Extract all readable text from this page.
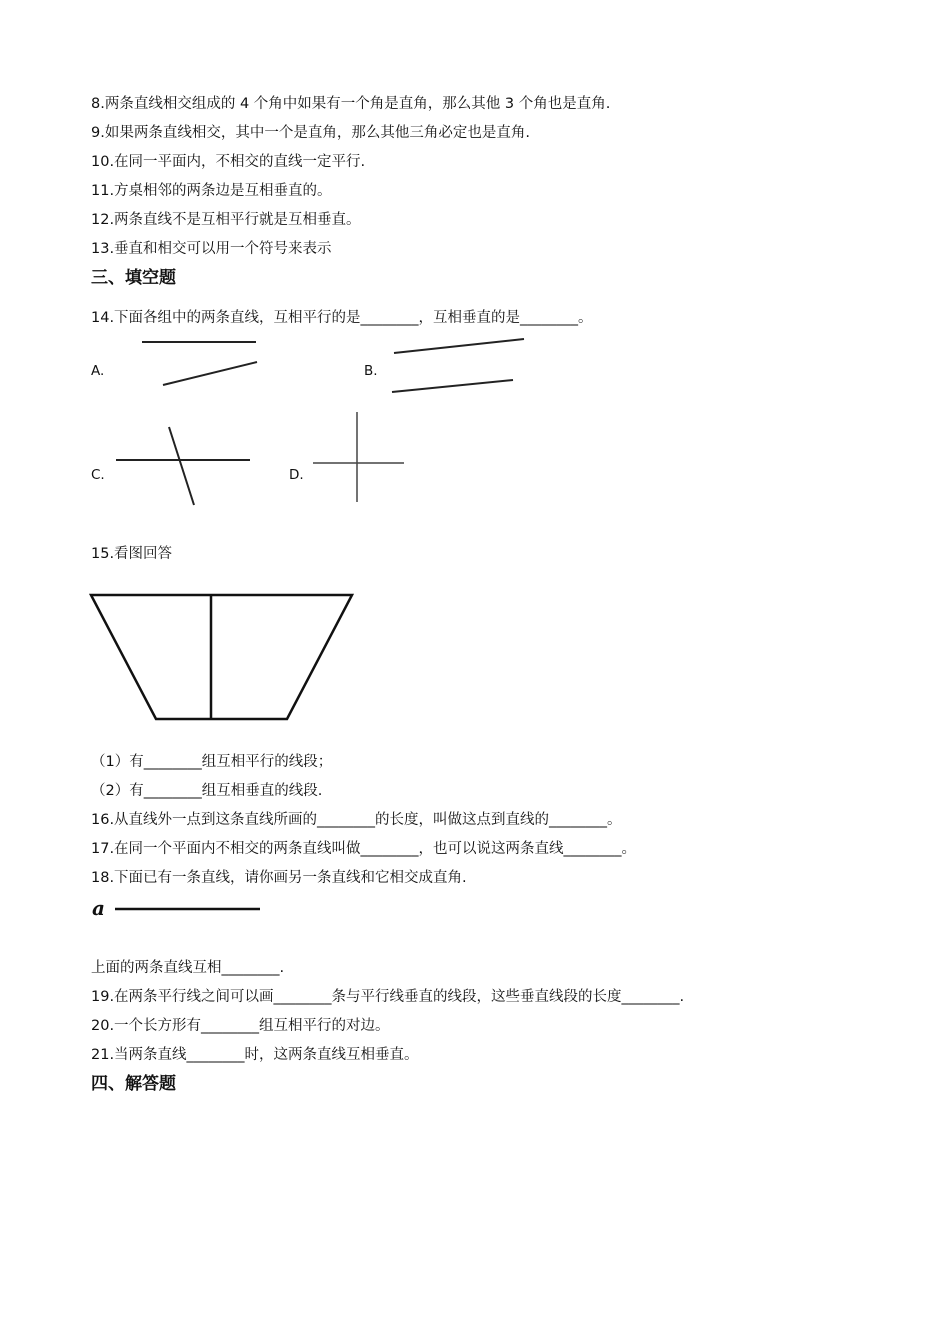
8.两条直线相交组成的 4 个角中如果有一个角是直角，那么其他 3 个角也是直角.
9.如果两条直线相交，其中一个是直角，那么其他三角必定也是直角.
10.在同一平面内，不相交的直线一定平行.
11.方桌相邻的两条边是互相垂直的。
12.两条直线不是互相平行就是互相垂直。
13.垂直和相交可以用一个符号来表示
三、填空题
14.下面各组中的两条直线，互相平行的是________，互相垂直的是________。
A.	B.
C.	D.
15.看图回答
（1）有________组互相平行的线段；
（2）有________组互相垂直的线段.
16.从直线外一点到这条直线所画的________的长度，叫做这点到直线的________。
17.在同一个平面内不相交的两条直线叫做________，也可以说这两条直线________。
18.下面已有一条直线，请你画另一条直线和它相交成直角.
a
上面的两条直线互相________.
19.在两条平行线之间可以画________条与平行线垂直的线段，这些垂直线段的长度________.
20.一个长方形有________组互相平行的对边。
21.当两条直线________时，这两条直线互相垂直。
四、解答题
